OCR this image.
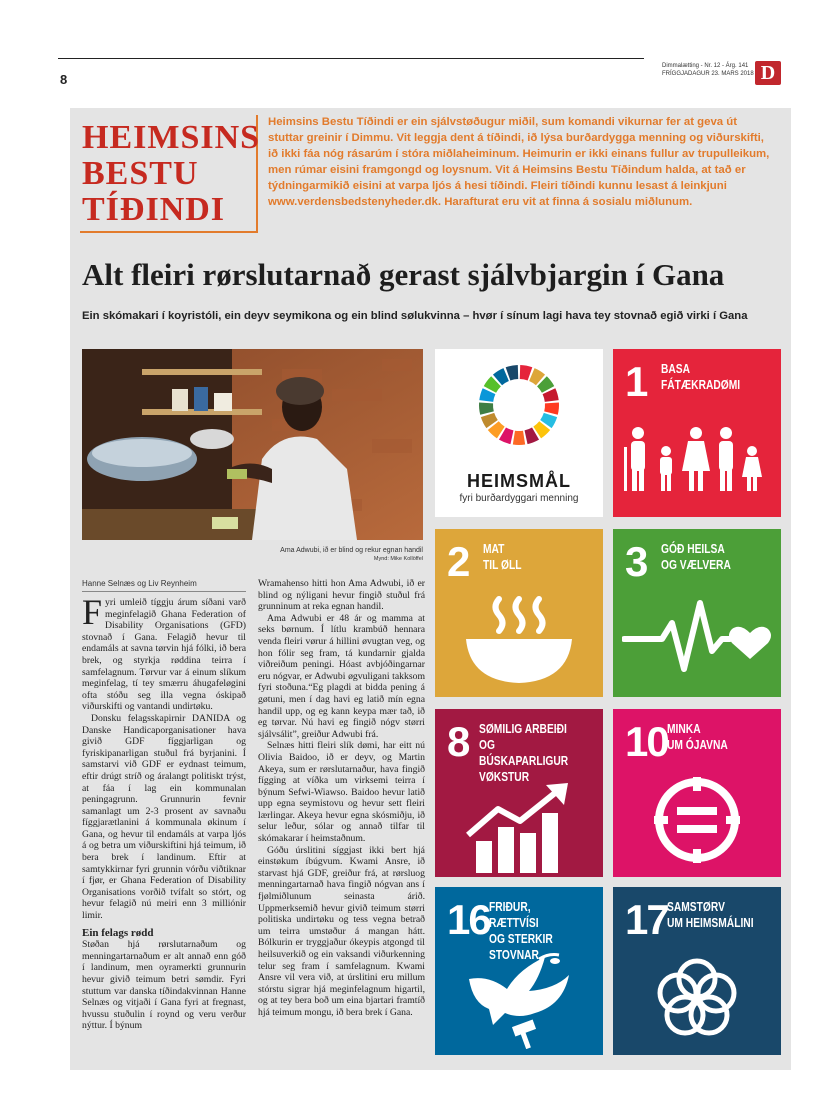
8
Dimmalætting - Nr. 12 - Árg. 141
FRÍGGJADAGUR 23. MARS 2018 D
HEIMSINS
BESTU
TÍÐINDI
Heimsins Bestu Tíðindi er ein sjálvstøðugur miðil, sum komandi vikurnar fer at geva út stuttar greinir í Dimmu. Vit leggja dent á tíðindi, ið lýsa burðardygga menning og viðurskifti, ið ikki fáa nóg rásarúm í stóra miðlaheiminum. Heimurin er ikki einans fullur av trupulleikum, men rúmar eisini framgongd og loysnum. Vit á Heimsins Bestu Tíðindum halda, at tað er týdningarmikið eisini at varpa ljós á hesi tíðindi. Fleiri tíðindi kunnu lesast á leinkjuni www.verdensbedstenyheder.dk. Harafturat eru vit at finna á sosialu miðlunum.
Alt fleiri rørslutarnað gerast sjálvbjargin í Gana
Ein skómakari í koyristóli, ein deyv seymikona og ein blind sølukvinna – hvør í sínum lagi hava tey stovnað egið virki í Gana
Ama Adwubi, ið er blind og rekur egnan handil
Mynd: Mike Kollöffel
Hanne Selnæs og Liv Reynheim

Fyri umleið tíggju árum síðani varð meginfelagið Ghana Federation of Disability Organisations (GFD) stovnað í Gana. Felagið hevur til endamáls at savna tørvin hjá fólki, ið bera brek, og styrkja røddina teirra í samfelagnum. Tørvur var á einum slíkum meginfelag, tí tey smærru áhugafeløgini ofta stóðu seg illa vegna óskipað viðurskifti og vantandi undirtøku.

Donsku felagsskapirnir DANIDA og Danske Handicaporganisationer hava givið GDF fíggjarligan og fyriskipanarligan stuðul frá byrjanini. Í samstarvi við GDF er eydnast teimum, eftir drúgt stríð og áralangt politiskt trýst, at fáa í lag ein kommunalan peningagrunn. Grunnurin fevnir samanlagt um 2-3 prosent av savnaðu fíggjarætlanini á kommunala økinum í Gana, og hevur til endamáls at varpa ljós á og betra um viðurskiftini hjá teimum, ið bera brek í landinum. Eftir at samtykkirnar fyri grunnin vórðu viðtiknar í fjør, er Ghana Federation of Disability Organisations vorðið tvífalt so stórt, og hevur felagið nú meiri enn 3 milliónir limir.

Ein felags rødd

Støðan hjá rørslutarnaðum og menningartarnaðum er alt annað enn góð í landinum, men oyramerkti grunnurin hevur givið teimum betri sømdir. Fyri stuttum var danska tíðindakvinnan Hanne Selnæs og vitjaði í Gana fyri at fregnast, hvussu stuðulin í roynd og veru verður nýttur. Í býnum

Wramahenso hitti hon Ama Adwubi, ið er blind og nýligani hevur fingið stuðul frá grunninum at reka egnan handil.

Ama Adwubi er 48 ár og mamma at seks børnum. Í lítlu krambúð hennara venda fleiri vørur á hillini øvugtan veg, og hon fólir seg fram, tá kundarnir gjalda viðreiðum peningi. Hóast avbjóðingarnar eru nógvar, er Adwubi øgvuligani takksom fyri stoðuna.“Eg plagdi at bidda pening á gøtuni, men í dag havi eg latið mín egna handil upp, og eg kann keypa mær tað, ið eg tørvar. Nú havi eg fingið nógv størri sjálvsálit”, greiður Adwubi frá.

Selnæs hitti fleiri slík dømi, har eitt nú Olivia Baidoo, ið er deyv, og Martin Akeya, sum er rørslutarnaður, hava fingið fígging at víðka um virksemi teirra í býnum Sefwi-Wiawso. Baidoo hevur latið upp egna seymistovu og hevur sett fleiri lærlingar. Akeya hevur egna skósmiðju, ið selur leður, sólar og annað tilfar til skómakarar í heimstaðnum.

Góðu úrslitini síggjast ikki bert hjá einstøkum íbúgvum. Kwami Ansre, ið starvast hjá GDF, greiður frá, at rørsluog menningartarnað hava fingið nógvan ans í fjølmiðlunum seinasta árið. Uppmerksemið hevur givið teimum størri politiska undirtøku og tess vegna betrað um teirra umstøður á mangan hátt. Bólkurin er tryggjaður ókeypis atgongd til heilsuverkið og ein vaksandi viðurkenning telur seg fram í samfelagnum. Kwami Ansre vil vera við, at úrslitini eru millum stórstu sigrar hjá meginfelagnum higartil, og at tey bera boð um eina bjartari framtíð hjá teimum mongu, ið bera brek í Gana.

HEIMSMÅL
fyri burðardyggari menning
1 BASA
FÁTÆKRADØMI
2 MAT
TIL ØLL 3 GÓÐ HEILSA
OG VÆLVERA
8 SØMILIG ARBEIÐI
OG BÚSKAPARLIGUR
VØKSTUR
10 MINKA
UM ÓJAVNA
16 FRIÐUR, RÆTTVÍSI
OG STERKIR STOVNAR
17 SAMSTØRV
UM HEIMSMÁLINI
